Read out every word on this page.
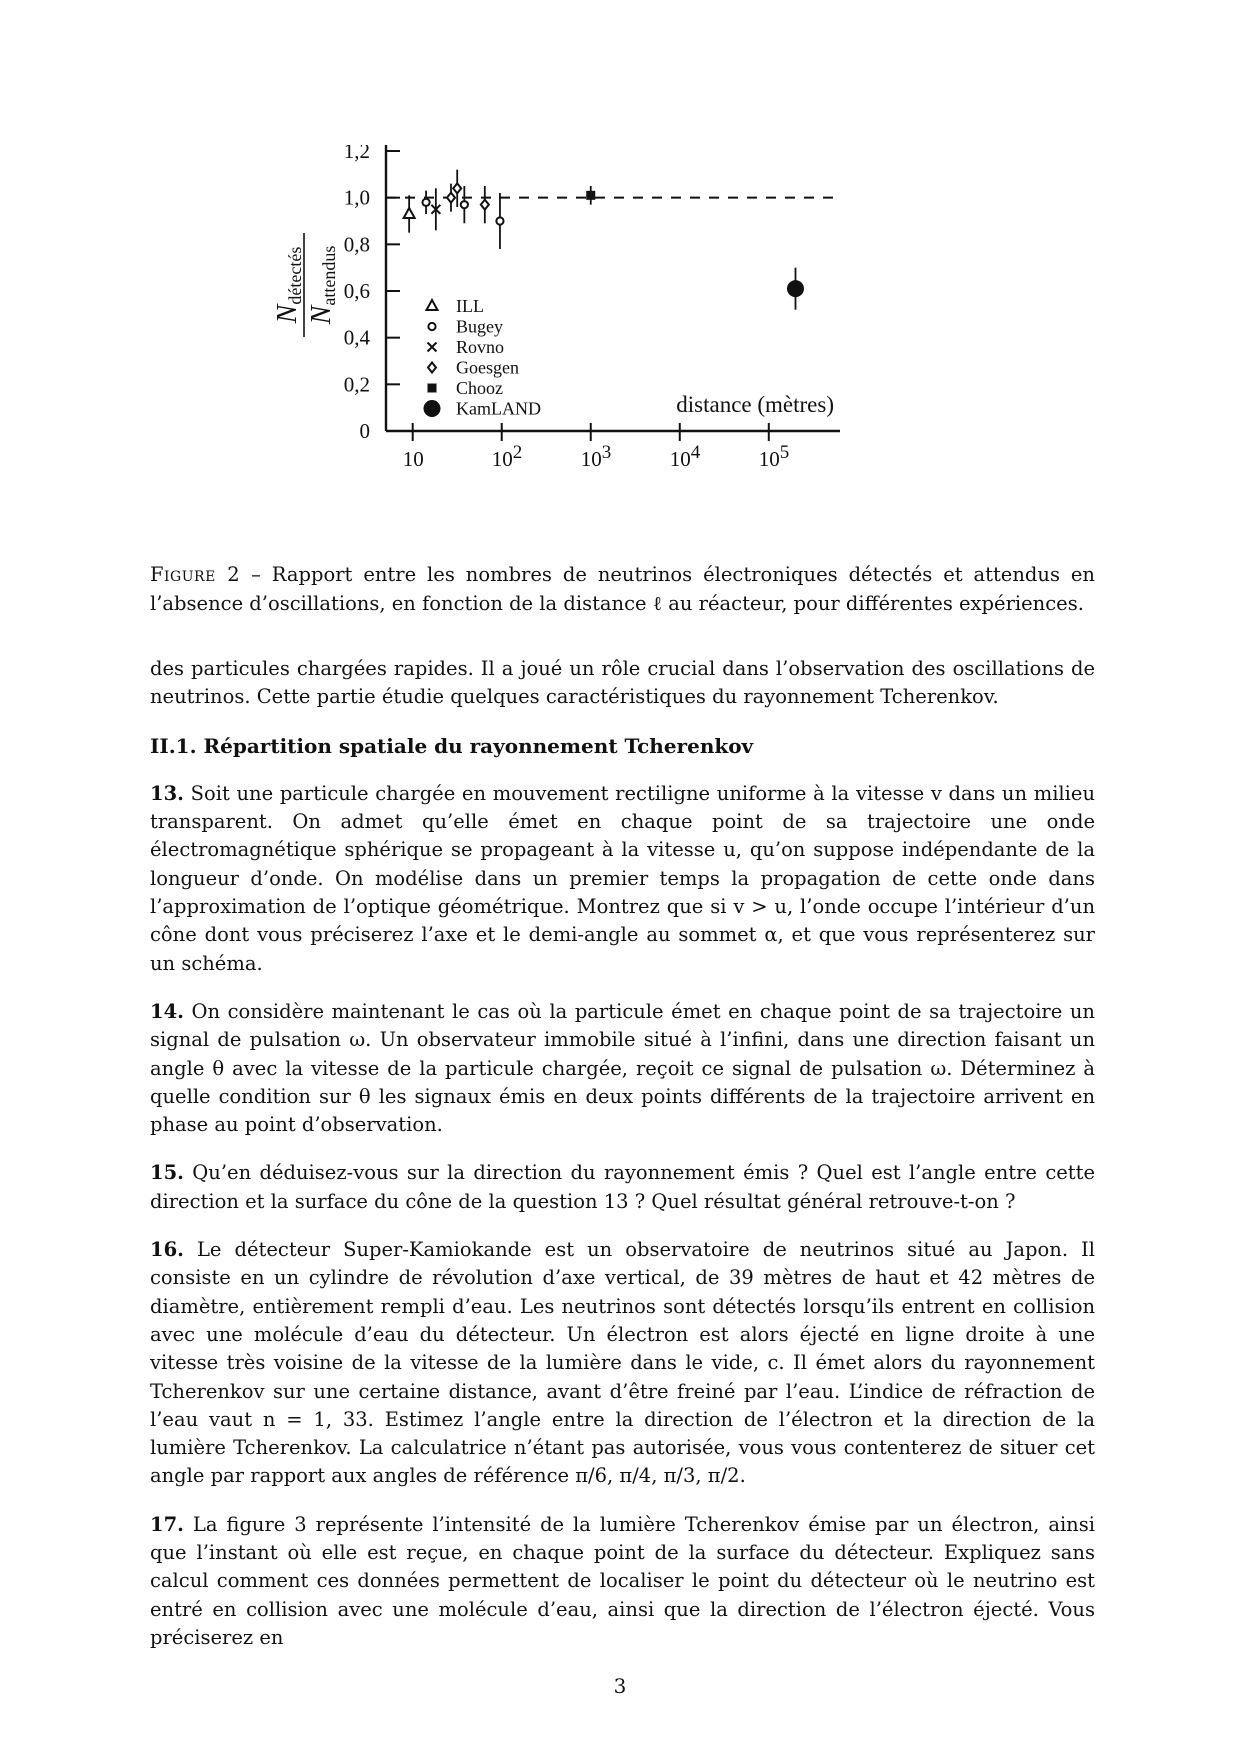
0
0,2
0,4
0,6
0,8
1,0
1,2
10	102	103	104	105
distance (mètres)
Ndétectés
Nattendus
ILL
Bugey
Rovno
Goesgen
Chooz
KamLAND
Figure 2 – Rapport entre les nombres de neutrinos électroniques détectés et attendus en l’absence d’oscillations, en fonction de la distance ℓ au réacteur, pour différentes expériences.

des particules chargées rapides. Il a joué un rôle crucial dans l’observation des oscillations de neutrinos. Cette partie étudie quelques caractéristiques du rayonnement Tcherenkov.

II.1. Répartition spatiale du rayonnement Tcherenkov

13. Soit une particule chargée en mouvement rectiligne uniforme à la vitesse v dans un milieu transparent. On admet qu’elle émet en chaque point de sa trajectoire une onde électromagnétique sphérique se propageant à la vitesse u, qu’on suppose indépendante de la longueur d’onde. On modélise dans un premier temps la propagation de cette onde dans l’approximation de l’optique géométrique. Montrez que si v > u, l’onde occupe l’intérieur d’un cône dont vous préciserez l’axe et le demi-angle au sommet α, et que vous représenterez sur un schéma.

14. On considère maintenant le cas où la particule émet en chaque point de sa trajectoire un signal de pulsation ω. Un observateur immobile situé à l’infini, dans une direction faisant un angle θ avec la vitesse de la particule chargée, reçoit ce signal de pulsation ω. Déterminez à quelle condition sur θ les signaux émis en deux points différents de la trajectoire arrivent en phase au point d’observation.

15. Qu’en déduisez-vous sur la direction du rayonnement émis ? Quel est l’angle entre cette direction et la surface du cône de la question 13 ? Quel résultat général retrouve-t-on ?

16. Le détecteur Super-Kamiokande est un observatoire de neutrinos situé au Japon. Il consiste en un cylindre de révolution d’axe vertical, de 39 mètres de haut et 42 mètres de diamètre, entièrement rempli d’eau. Les neutrinos sont détectés lorsqu’ils entrent en collision avec une molécule d’eau du détecteur. Un électron est alors éjecté en ligne droite à une vitesse très voisine de la vitesse de la lumière dans le vide, c. Il émet alors du rayonnement Tcherenkov sur une certaine distance, avant d’être freiné par l’eau. L’indice de réfraction de l’eau vaut n = 1, 33. Estimez l’angle entre la direction de l’électron et la direction de la lumière Tcherenkov. La calculatrice n’étant pas autorisée, vous vous contenterez de situer cet angle par rapport aux angles de référence π/6, π/4, π/3, π/2.

17. La figure 3 représente l’intensité de la lumière Tcherenkov émise par un électron, ainsi que l’instant où elle est reçue, en chaque point de la surface du détecteur. Expliquez sans calcul comment ces données permettent de localiser le point du détecteur où le neutrino est entré en collision avec une molécule d’eau, ainsi que la direction de l’électron éjecté. Vous préciserez en

3
